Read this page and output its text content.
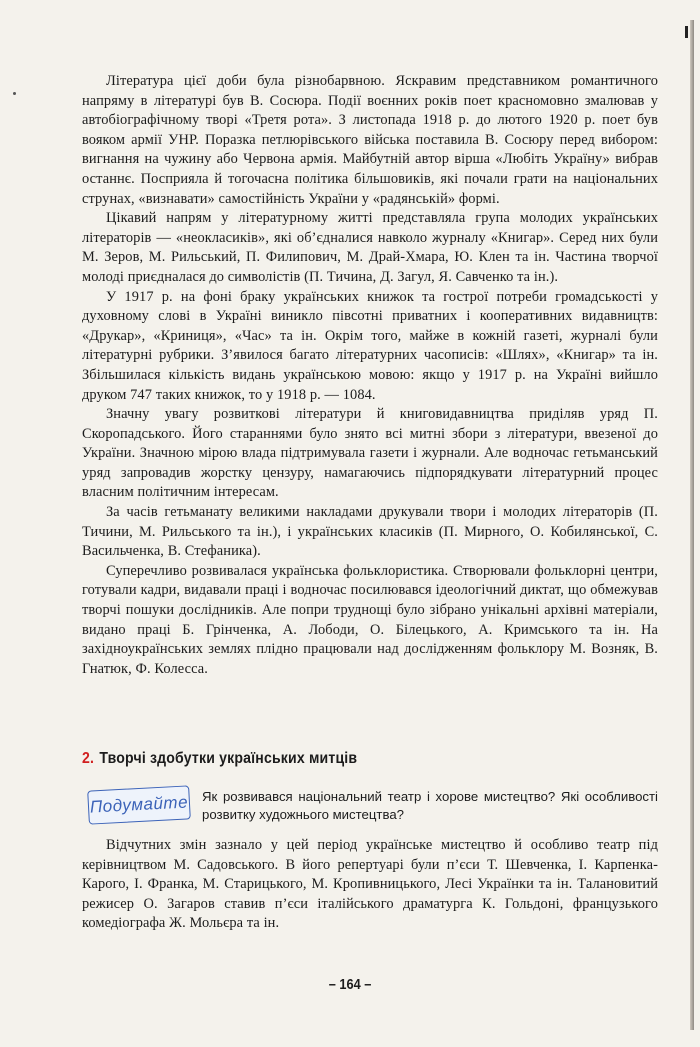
Література цієї доби була різнобарвною. Яскравим представником романтичного напряму в літературі був В. Сосюра. Події воєнних років поет красномовно змалював у автобіографічному творі «Третя рота». З листопада 1918 р. до лютого 1920 р. поет був вояком армії УНР. Поразка петлюрівського війська поставила В. Сосюру перед вибором: вигнання на чужину або Червона армія. Майбутній автор вірша «Любіть Україну» вибрав останнє. Посприяла й тогочасна політика більшовиків, які почали грати на національних струнах, «визнавати» самостійність України у «радянській» формі.

Цікавий напрям у літературному житті представляла група молодих українських літераторів — «неокласиків», які об’єдналися навколо журналу «Книгар». Серед них були М. Зеров, М. Рильський, П. Филипович, М. Драй-Хмара, Ю. Клен та ін. Частина творчої молоді приєдналася до символістів (П. Тичина, Д. Загул, Я. Савченко та ін.).

У 1917 р. на фоні браку українських книжок та гострої потреби громадськості у духовному слові в Україні виникло півсотні приватних і кооперативних видавництв: «Друкар», «Криниця», «Час» та ін. Окрім того, майже в кожній газеті, журналі були літературні рубрики. З’явилося багато літературних часописів: «Шлях», «Книгар» та ін. Збільшилася кількість видань українською мовою: якщо у 1917 р. на Україні вийшло друком 747 таких книжок, то у 1918 р. — 1084.

Значну увагу розвиткові літератури й книговидавництва приділяв уряд П. Скоропадського. Його стараннями було знято всі митні збори з літератури, ввезеної до України. Значною мірою влада підтримувала газети і журнали. Але водночас гетьманський уряд запровадив жорстку цензуру, намагаючись підпорядкувати літературний процес власним політичним інтересам.

За часів гетьманату великими накладами друкували твори і молодих літераторів (П. Тичини, М. Рильського та ін.), і українських класиків (П. Мирного, О. Кобилянської, С. Васильченка, В. Стефаника).

Суперечливо розвивалася українська фольклористика. Створювали фольклорні центри, готували кадри, видавали праці і водночас посилювався ідеологічний диктат, що обмежував творчі пошуки дослідників. Але попри труднощі було зібрано унікальні архівні матеріали, видано праці Б. Грінченка, А. Лободи, О. Білецького, А. Кримського та ін. На західноукраїнських землях плідно працювали над дослідженням фольклору М. Возняк, В. Гнатюк, Ф. Колесса.

2. Творчі здобутки українських митців
Подумайте Як розвивався національний театр і хорове мистецтво? Які особливості розвитку художнього мистецтва?

Відчутних змін зазнало у цей період українське мистецтво й особливо театр під керівництвом М. Садовського. В його репертуарі були п’єси Т. Шевченка, І. Карпенка-Карого, І. Франка, М. Старицького, М. Кропивницького, Лесі Українки та ін. Талановитий режисер О. Загаров ставив п’єси італійського драматурга К. Гольдоні, французького комедіографа Ж. Мольєра та ін.

– 164 –
